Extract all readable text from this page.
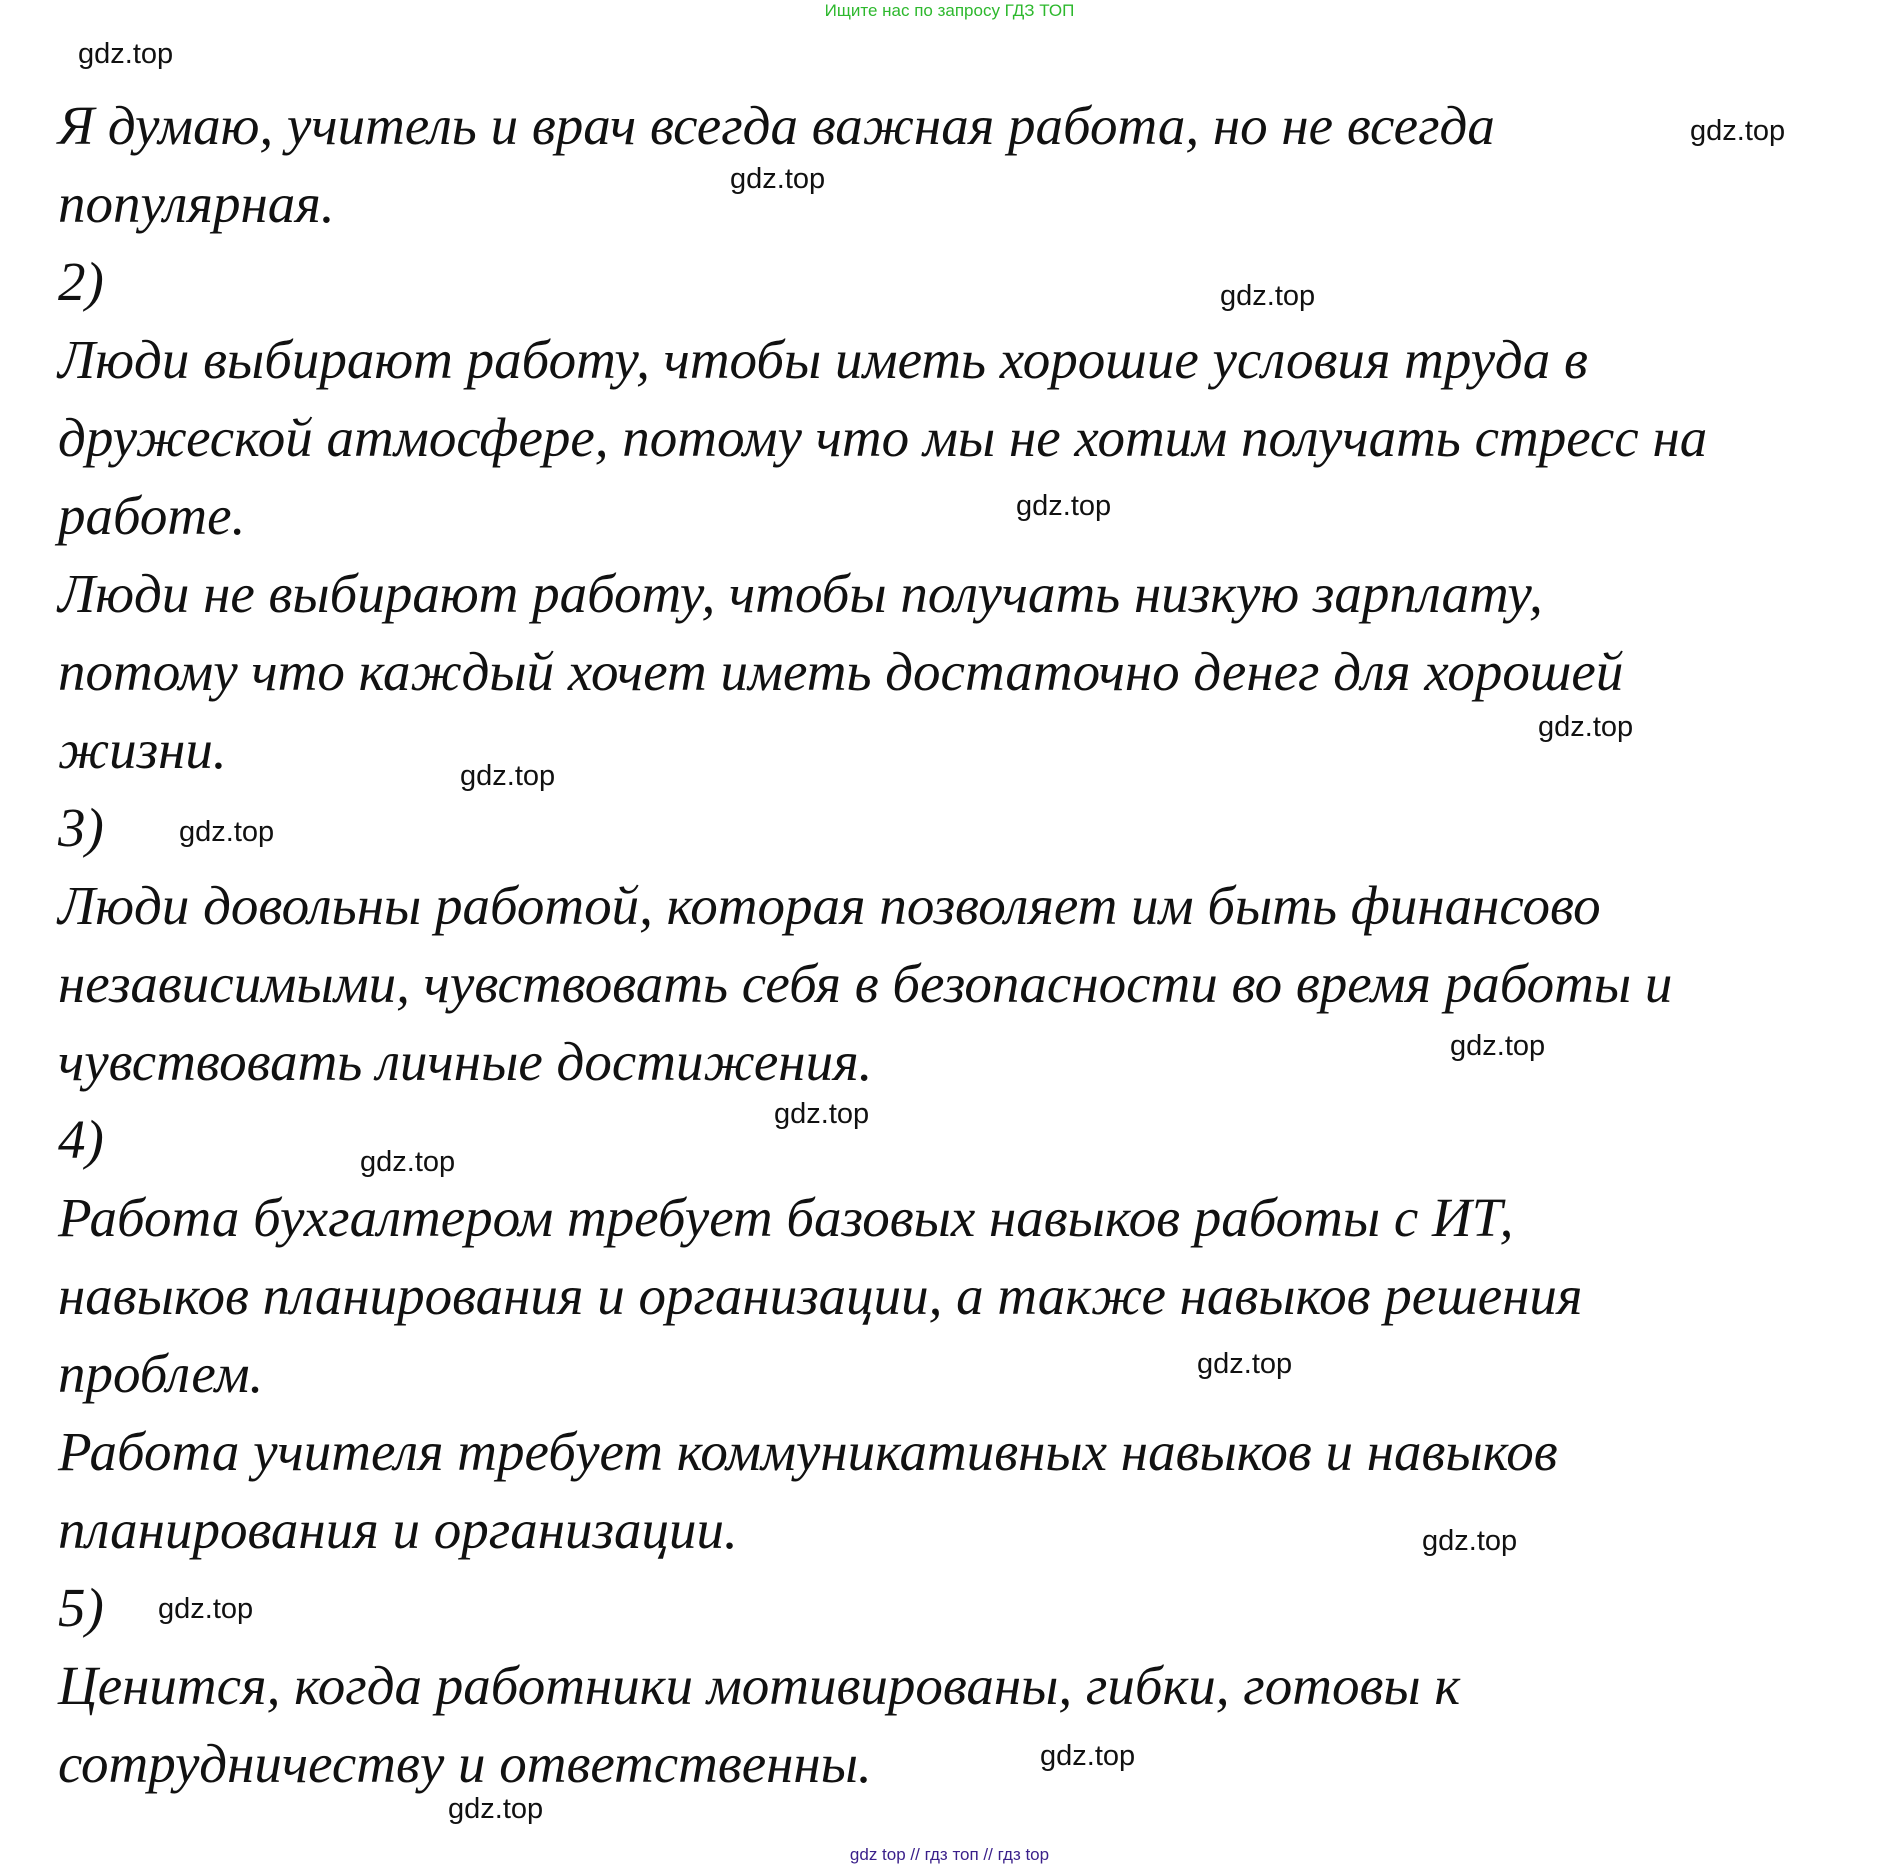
Ищите нас по запросу ГДЗ ТОП
Я думаю, учитель и врач всегда важная работа, но не всегда
популярная.
2)
Люди выбирают работу, чтобы иметь хорошие условия труда в
дружеской атмосфере, потому что мы не хотим получать стресс на
работе.
Люди не выбирают работу, чтобы получать низкую зарплату,
потому что каждый хочет иметь достаточно денег для хорошей
жизни.
3)
Люди довольны работой, которая позволяет им быть финансово
независимыми, чувствовать себя в безопасности во время работы и
чувствовать личные достижения.
4)
Работа бухгалтером требует базовых навыков работы с ИТ,
навыков планирования и организации, а также навыков решения
проблем.
Работа учителя требует коммуникативных навыков и навыков
планирования и организации.
5)
Ценится, когда работники мотивированы, гибки, готовы к
сотрудничеству и ответственны.
gdz.top
gdz.top
gdz.top
gdz.top
gdz.top
gdz.top
gdz.top
gdz.top
gdz.top
gdz.top
gdz.top
gdz.top
gdz.top
gdz.top
gdz.top
gdz.top
gdz top // гдз топ // гдз top
